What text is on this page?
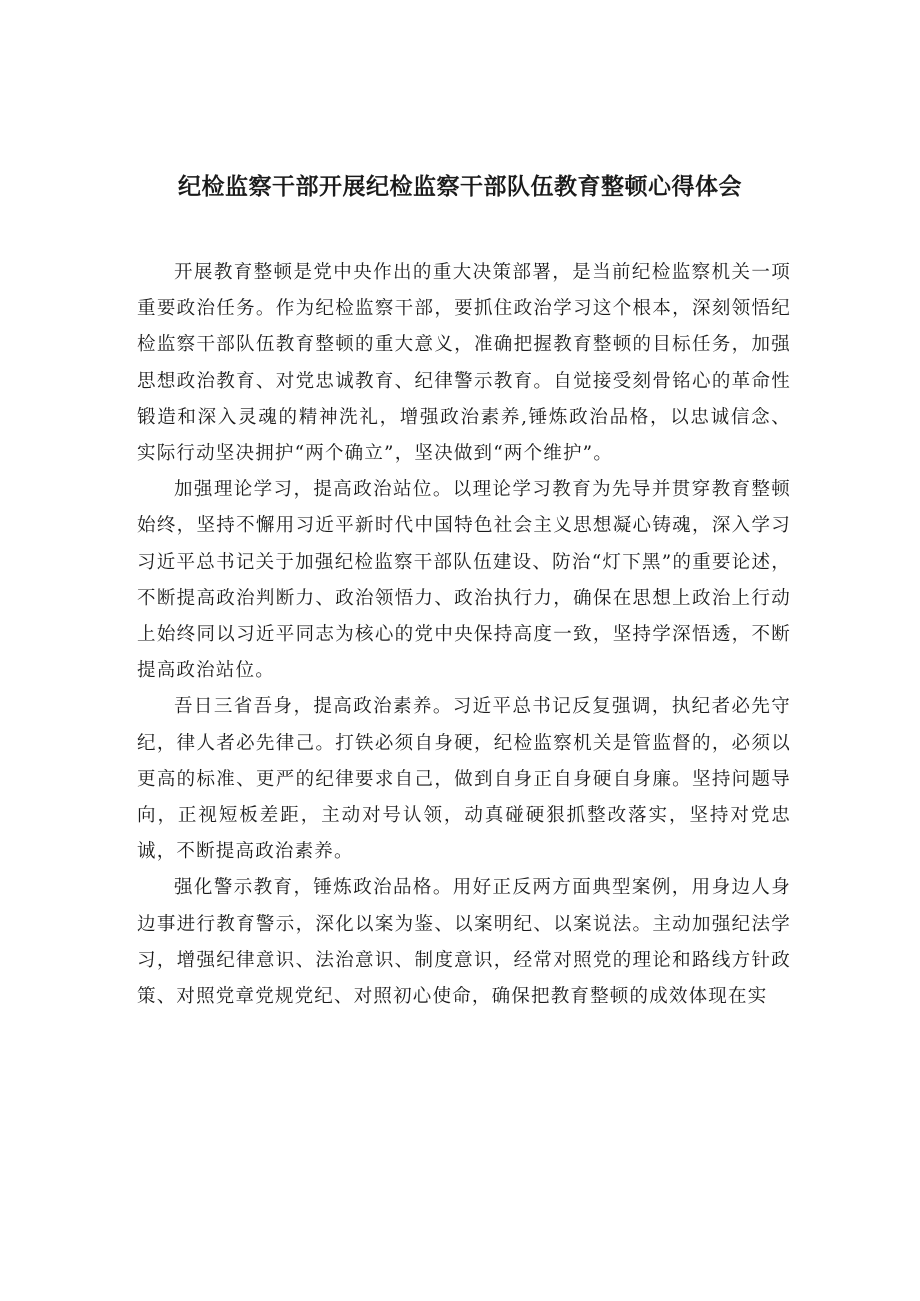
纪检监察干部开展纪检监察干部队伍教育整顿心得体会

开展教育整顿是党中央作出的重大决策部署，是当前纪检监察机关一项重要政治任务。作为纪检监察干部，要抓住政治学习这个根本，深刻领悟纪检监察干部队伍教育整顿的重大意义，准确把握教育整顿的目标任务，加强思想政治教育、对党忠诚教育、纪律警示教育。自觉接受刻骨铭心的革命性锻造和深入灵魂的精神洗礼，增强政治素养,锤炼政治品格，以忠诚信念、实际行动坚决拥护“两个确立”，坚决做到“两个维护”。

加强理论学习，提高政治站位。以理论学习教育为先导并贯穿教育整顿始终，坚持不懈用习近平新时代中国特色社会主义思想凝心铸魂，深入学习习近平总书记关于加强纪检监察干部队伍建设、防治“灯下黑”的重要论述，不断提高政治判断力、政治领悟力、政治执行力，确保在思想上政治上行动上始终同以习近平同志为核心的党中央保持高度一致，坚持学深悟透，不断提高政治站位。

吾日三省吾身，提高政治素养。习近平总书记反复强调，执纪者必先守纪，律人者必先律己。打铁必须自身硬，纪检监察机关是管监督的，必须以更高的标准、更严的纪律要求自己，做到自身正自身硬自身廉。坚持问题导向，正视短板差距，主动对号认领，动真碰硬狠抓整改落实，坚持对党忠诚，不断提高政治素养。

强化警示教育，锤炼政治品格。用好正反两方面典型案例，用身边人身边事进行教育警示，深化以案为鉴、以案明纪、以案说法。主动加强纪法学习，增强纪律意识、法治意识、制度意识，经常对照党的理论和路线方针政策、对照党章党规党纪、对照初心使命，确保把教育整顿的成效体现在实
